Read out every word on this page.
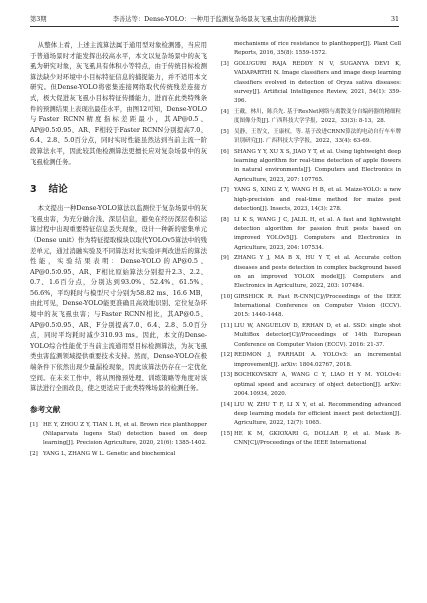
第3期	李善达等：Dense-YOLO：一种用于监测复杂场景灰飞虱虫害的检测算法	31

从整体上看，上述主流算法属于通用型对象检测器，当应用于普通场景时才能发挥出较高水平，本文以复杂场景中的灰飞虱为研究对象，灰飞虱具有体积小等特点，由于传统目标检测算法缺少对环境中小目标特征信息的捕捉能力，并不适用本文研究。但Dense-YOLO将密集连接网络取代传统残差连接方式，极大促进灰飞虱小目标特征传播能力，进而在此类特殊条件的预测结果上表现出最佳水平，由图12可知，Dense-YOLO与Faster RCNN精度指标差距最小，其AP@0.5、AP@0.5∶0.95、AR、F相较于Faster RCNN分别提高7.0、6.4、2.8、5.0百分点，同时实时性能虽然达到当前主流一阶段算法水平，因此较其他检测算法更擅长应对复杂场景中的灰飞虱检测任务。

3 结论

本文提出一种Dense-YOLO算法以监测位于复杂场景中的灰飞虱虫害，为充分融合浅、深层信息，避免在经历深层卷积运算过程中出现重要特征信息丢失现象，设计一种新的密集单元（Dense unit）作为特征提取模块以取代YOLOv5算法中的残差单元，通过消融实验及不同算法对比实验评判改进后的算法性能，实验结果表明：Dense-YOLO的AP@0.5、AP@0.5∶0.95、AR、F相比原始算法分别提升2.3、2.2、0.7、1.6百分点，分别达到93.0%、52.4%、61.5%、56.6%，平均耗时与模型尺寸分别为58.82 ms、16.6 MB，由此可见，Dense-YOLO能更准确且高效地识别、定位复杂环境中的灰飞虱虫害；与Faster RCNN相比，其AP@0.5、AP@0.5∶0.95、AR、F分别提高7.0、6.4、2.8、5.0百分点，同时平均耗时减少310.93 ms。因此，本文的Dense-YOLO综合性能优于当前主流通用型目标检测算法，为灰飞虱类虫害监测领域提供重要技术支持。然而，Dense-YOLO在极端条件下依然出现少量漏检现象，因此该算法仍存在一定优化空间。在未来工作中，将从图像预处理、训练策略等角度对该算法进行全面改良，使之更适应于此类特殊场景的检测任务。

参考文献

[1] HE Y, ZHOU Z Y, TIAN L H, et al. Brown rice planthopper (Nilaparvata lugens Stal) detection based on deep learning[J]. Precision Agriculture, 2020, 21(6): 1385-1402.

[2] YANG L, ZHANG W L. Genetic and biochemical

mechanisms of rice resistance to planthopper[J]. Plant Cell Reports, 2016, 35(8): 1559-1572.

[3] GOLUGURI RAJA REDDY N V, SUGANYA DEVI K, VADAPARTHI N. Image classifiers and image deep learning classifiers evolved in detection of Oryza sativa diseases: survey[J]. Artificial Intelligence Review, 2021, 54(1): 359-396.

[4] 王戴，林川，陈兵先. 基于ResNet网络与离散变分自编码器的精细粒度图像分类[J]. 广西科技大学学报，2022，33(3): 8-13，28.

[5] 吴静，王智文，王康权，等. 基于改进CRNN算法的电动自行车车牌识别研究[J]. 广西科技大学学报，2022，33(4): 63-69.

[6] SHANG Y Y, XU X S, JIAO Y T, et al. Using lightweight deep learning algorithm for real-time detection of apple flowers in natural environments[J]. Computers and Electronics in Agriculture, 2023, 207: 107765.

[7] YANG S, XING Z Y, WANG H B, et al. Maize-YOLO: a new high-precision and real-time method for maize pest detection[J]. Insects, 2023, 14(3): 278.

[8] LI K S, WANG J C, JALIL H, et al. A fast and lightweight detection algorithm for passion fruit pests based on improved YOLOv5[J]. Computers and Electronics in Agriculture, 2023, 204: 107534.

[9] ZHANG Y J, MA B X, HU Y T, et al. Accurate cotton diseases and pests detection in complex background based on an improved YOLOX model[J]. Computers and Electronics in Agriculture, 2022, 203: 107484.

[10] GIRSHICK R. Fast R-CNN[C]//Proceedings of the IEEE International Conference on Computer Vision (ICCV). 2015: 1440-1448.

[11] LIU W, ANGUELOV D, ERHAN D, et al. SSD: single shot MultiBox detector[C]//Proceedings of 14th European Conference on Computer Vision (ECCV). 2016: 21-37.

[12] REDMON J, FARHADI A. YOLOv3: an incremental improvement[J]. arXiv: 1804.02767, 2018.

[13] BOCHKOVSKIY A, WANG C Y, LIAO H Y M. YOLOv4: optimal speed and accuracy of object detection[J]. arXiv: 2004.10934, 2020.

[14] LIU W, ZHU T F, LI X Y, et al. Recommending advanced deep learning models for efficient insect pest detection[J]. Agriculture, 2022, 12(7): 1065.

[15] HE K M, GKIOXARI G, DOLLAR P, et al. Mask R-CNN[C]//Proceedings of the IEEE International
